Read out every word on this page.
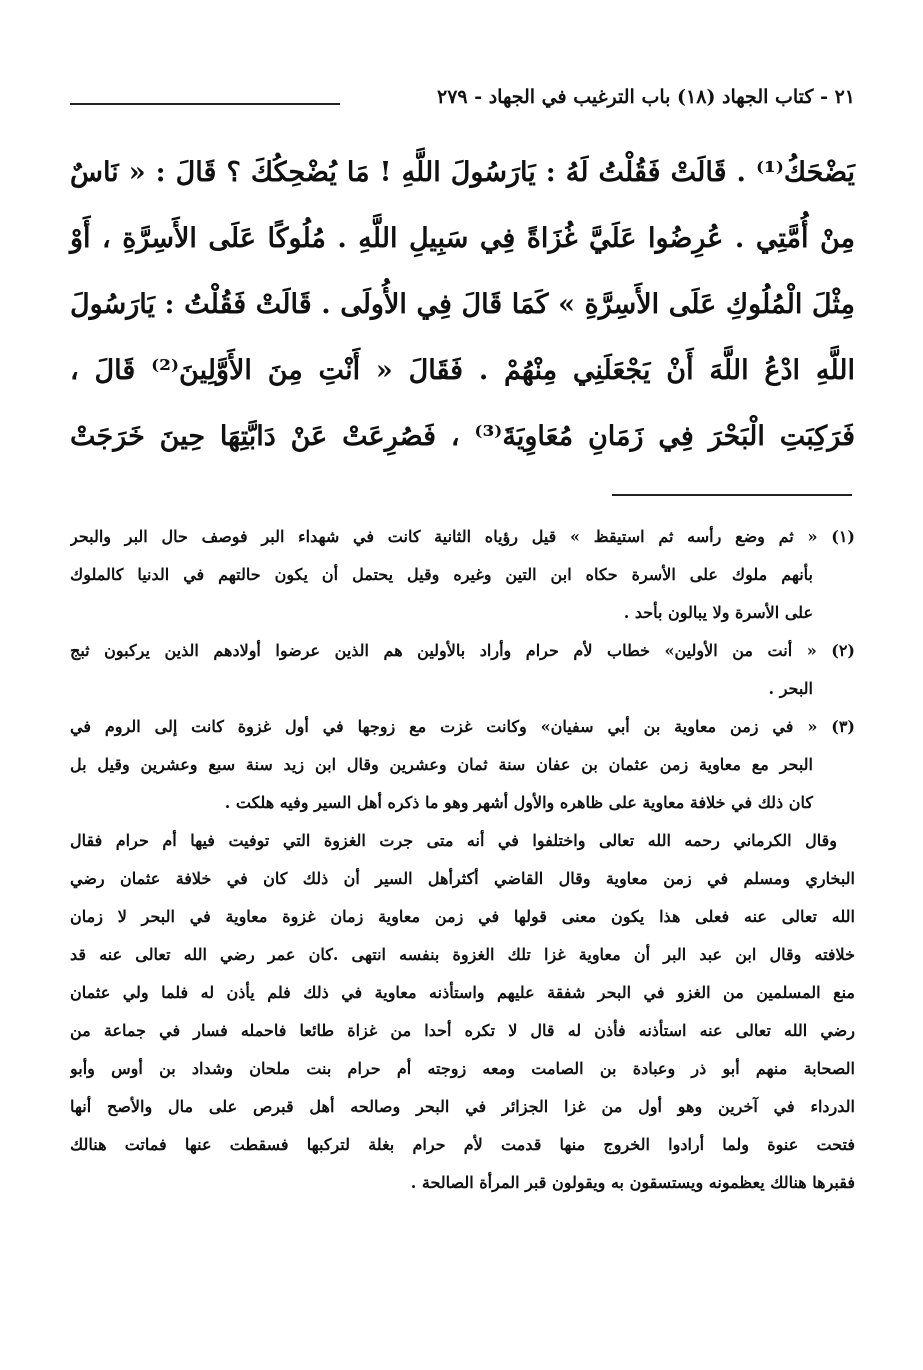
٢١ - كتاب الجهاد (١٨) باب الترغيب في الجهاد - ٢٧٩
يَضْحَكُ⁽¹⁾ . قَالَتْ فَقُلْتُ لَهُ : يَارَسُولَ اللَّهِ ! مَا يُضْحِكُكَ ؟ قَالَ : « نَاسٌ
مِنْ أُمَّتِي . عُرِضُوا عَلَيَّ غُزَاةً فِي سَبِيلِ اللَّهِ . مُلُوكًا عَلَى الأَسِرَّةِ ، أَوْ
مِثْلَ الْمُلُوكِ عَلَى الأَسِرَّةِ » كَمَا قَالَ فِي الأُولَى . قَالَتْ فَقُلْتُ : يَارَسُولَ
اللَّهِ ادْعُ اللَّهَ أَنْ يَجْعَلَنِي مِنْهُمْ . فَقَالَ « أَنْتِ مِنَ الأَوَّلِينَ⁽²⁾ قَالَ ،
فَرَكِبَتِ الْبَحْرَ فِي زَمَانِ مُعَاوِيَةَ⁽³⁾ ، فَصُرِعَتْ عَنْ دَابَّتِهَا حِينَ خَرَجَتْ
(١) « ثم وضع رأسه ثم استيقظ » قيل رؤياه الثانية كانت في شهداء البر فوصف حال البر والبحر
بأنهم ملوك على الأسرة حكاه ابن التين وغيره وقيل يحتمل أن يكون حالتهم في الدنيا كالملوك
على الأسرة ولا يبالون بأحد .
(٢) « أنت من الأولين» خطاب لأم حرام وأراد بالأولين هم الذين عرضوا أولادهم الذين يركبون ثبج
البحر .
(٣) « في زمن معاوية بن أبي سفيان» وكانت غزت مع زوجها في أول غزوة كانت إلى الروم في
البحر مع معاوية زمن عثمان بن عفان سنة ثمان وعشرين وقال ابن زيد سنة سبع وعشرين وقيل بل
كان ذلك في خلافة معاوية على ظاهره والأول أشهر وهو ما ذكره أهل السير وفيه هلكت .
وقال الكرماني رحمه الله تعالى واختلفوا في أنه متى جرت الغزوة التي توفيت فيها أم حرام فقال
البخاري ومسلم في زمن معاوية وقال القاضي أكثرأهل السير أن ذلك كان في خلافة عثمان رضي
الله تعالى عنه فعلى هذا يكون معنى قولها في زمن معاوية زمان غزوة معاوية في البحر لا زمان
خلافته وقال ابن عبد البر أن معاوية غزا تلك الغزوة بنفسه انتهى .كان عمر رضي الله تعالى عنه قد
منع المسلمين من الغزو في البحر شفقة عليهم واستأذنه معاوية في ذلك فلم يأذن له فلما ولي عثمان
رضي الله تعالى عنه استأذنه فأذن له قال لا تكره أحدا من غزاة طائعا فاحمله فسار في جماعة من
الصحابة منهم أبو ذر وعبادة بن الصامت ومعه زوجته أم حرام بنت ملحان وشداد بن أوس وأبو
الدرداء في آخرين وهو أول من غزا الجزائر في البحر وصالحه أهل قبرص على مال والأصح أنها
فتحت عنوة ولما أرادوا الخروج منها قدمت لأم حرام بغلة لتركبها فسقطت عنها فماتت هنالك
فقبرها هنالك يعظمونه ويستسقون به ويقولون قبر المرأة الصالحة .
